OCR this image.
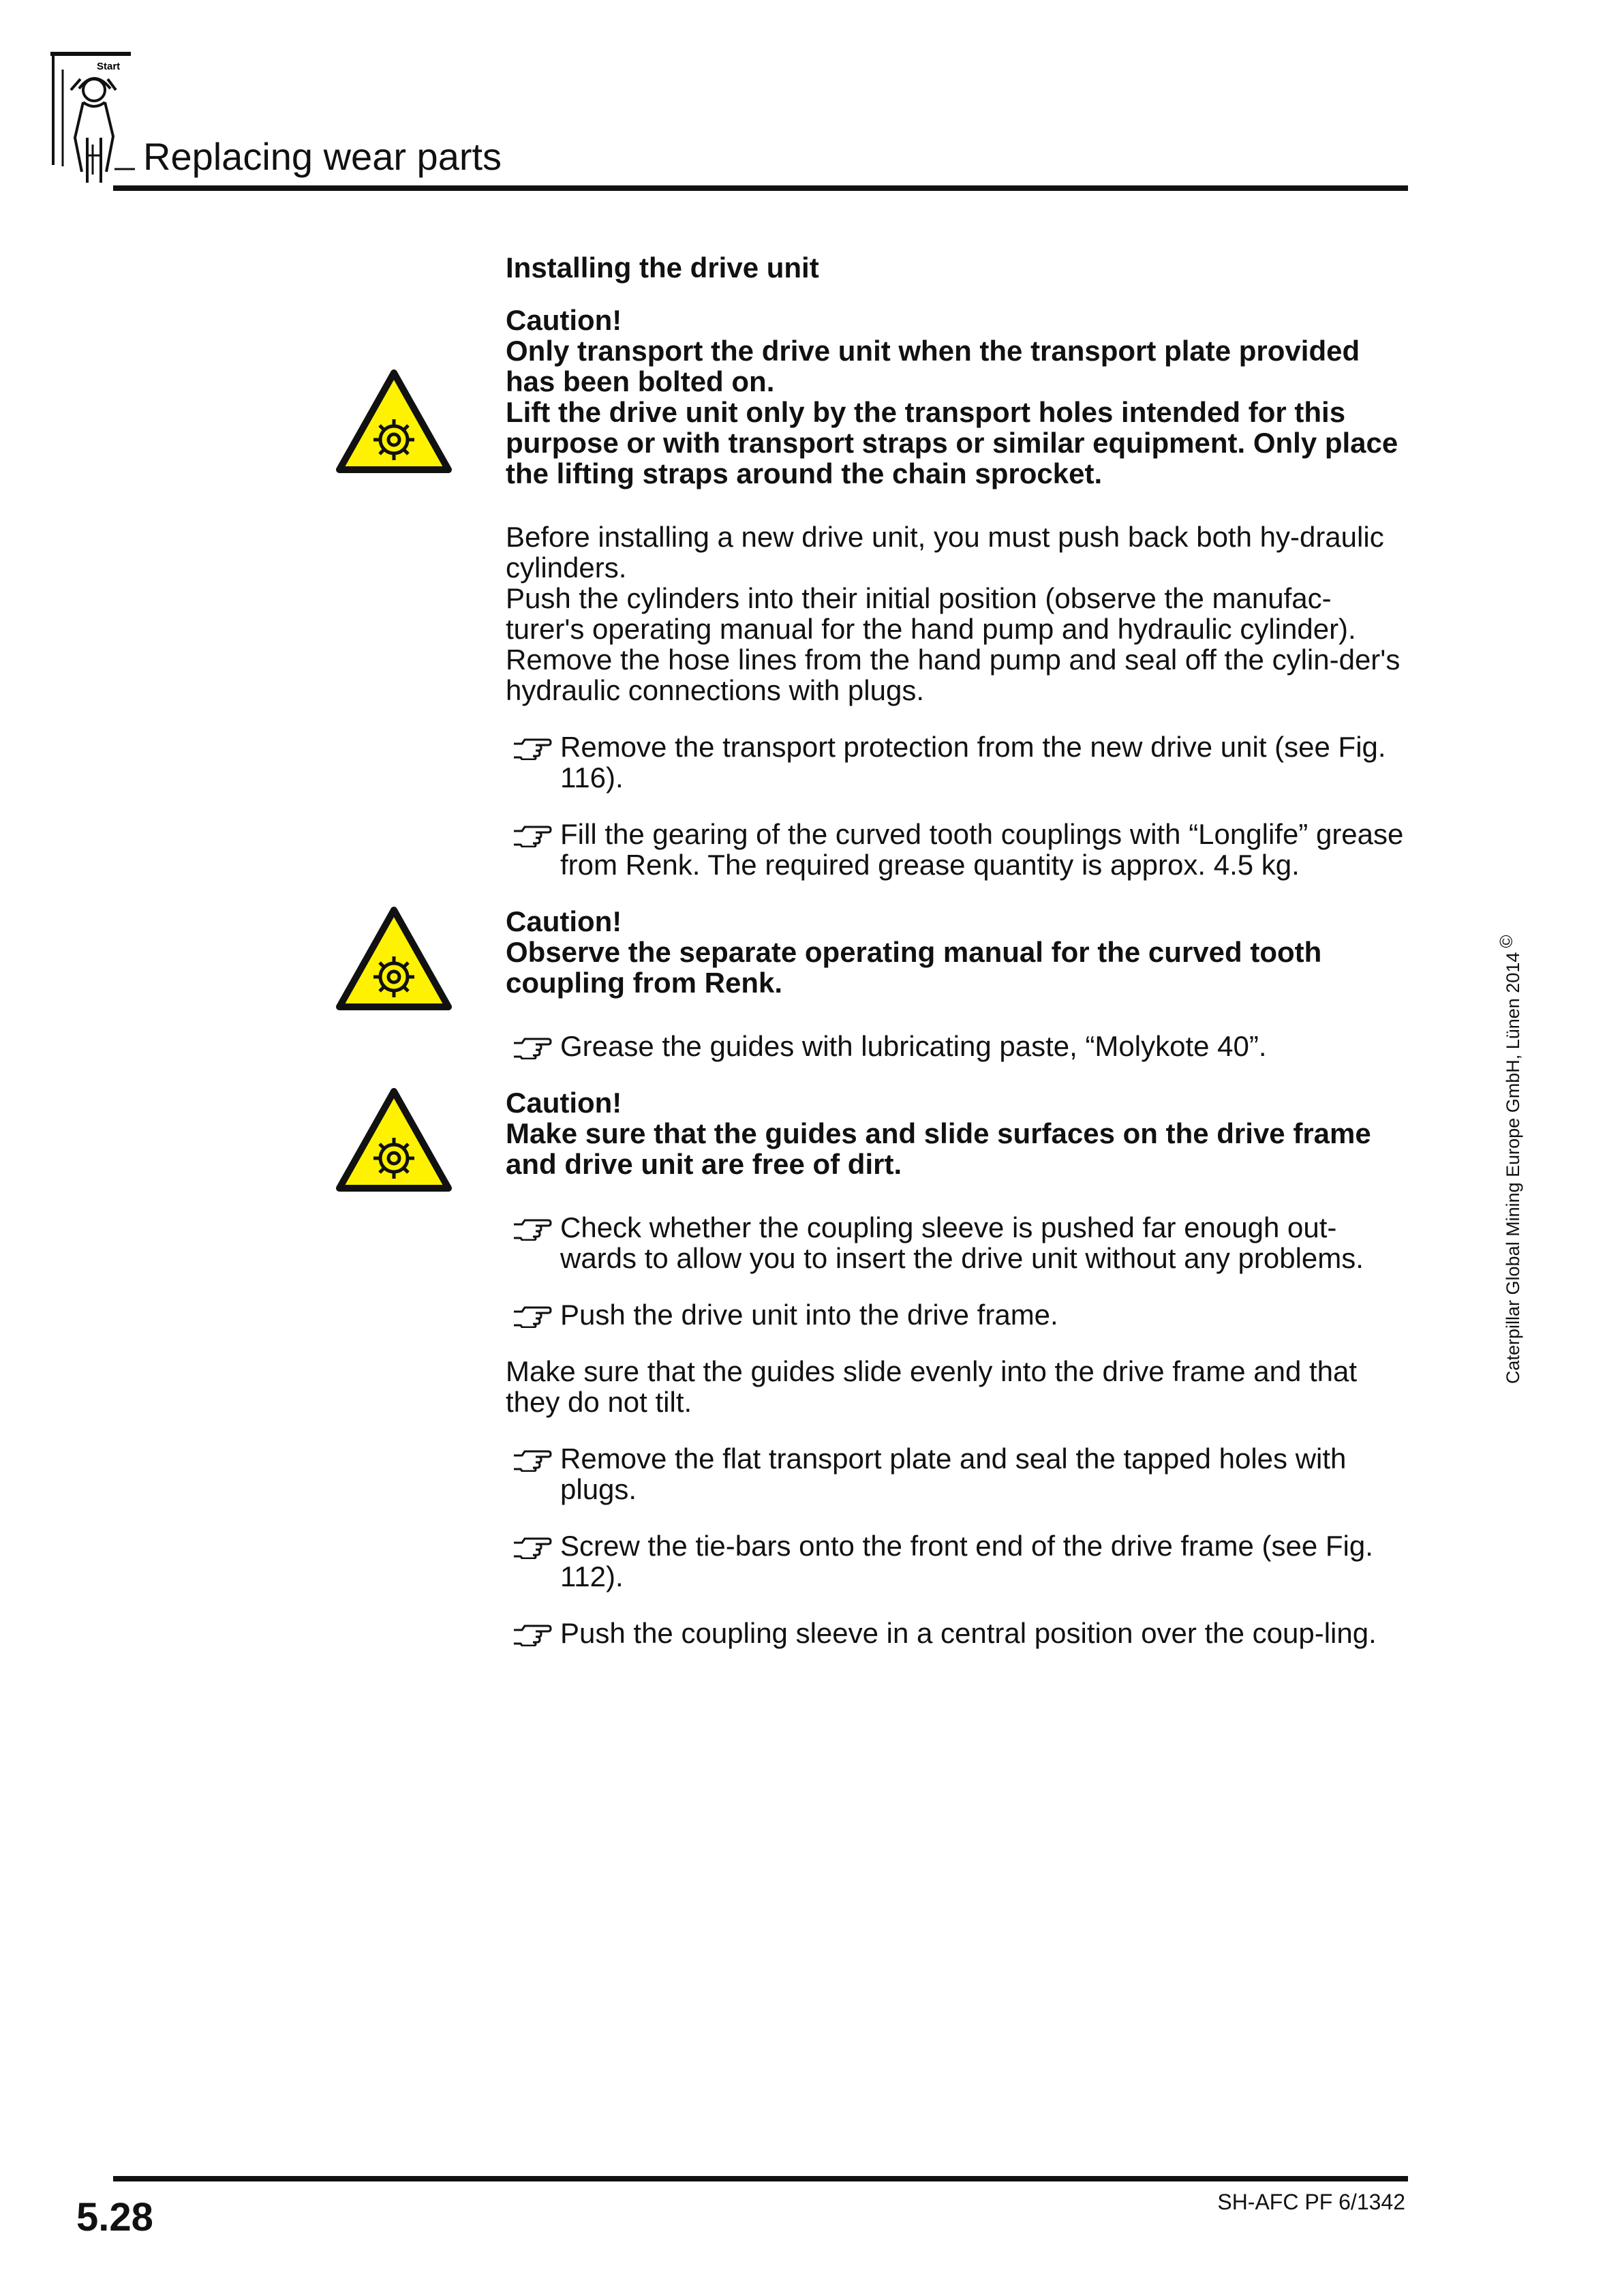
Start
Replacing wear parts

Installing the drive unit

Caution!

Only transport the drive unit when the transport plate provided has been bolted on.

Lift the drive unit only by the transport holes intended for this purpose or with transport straps or similar equipment. Only place the lifting straps around the chain sprocket.

Before installing a new drive unit, you must push back both hy-draulic cylinders.

Push the cylinders into their initial position (observe the manufac-turer's operating manual for the hand pump and hydraulic cylinder).

Remove the hose lines from the hand pump and seal off the cylin-der's hydraulic connections with plugs.

Remove the transport protection from the new drive unit (see Fig. 116).

Fill the gearing of the curved tooth couplings with “Longlife” grease from Renk. The required grease quantity is approx. 4.5 kg.

Caution!

Observe the separate operating manual for the curved tooth coupling from Renk.

Grease the guides with lubricating paste, “Molykote 40”.

Caution!

Make sure that the guides and slide surfaces on the drive frame and drive unit are free of dirt.

Check whether the coupling sleeve is pushed far enough out-wards to allow you to insert the drive unit without any problems.

Push the drive unit into the drive frame.

Make sure that the guides slide evenly into the drive frame and that they do not tilt.

Remove the flat transport plate and seal the tapped holes with plugs.

Screw the tie-bars onto the front end of the drive frame (see Fig. 112).

Push the coupling sleeve in a central position over the coup-ling.

Caterpillar Global Mining Europe GmbH, Lünen 2014©
5.28	SH-AFC PF 6/1342
